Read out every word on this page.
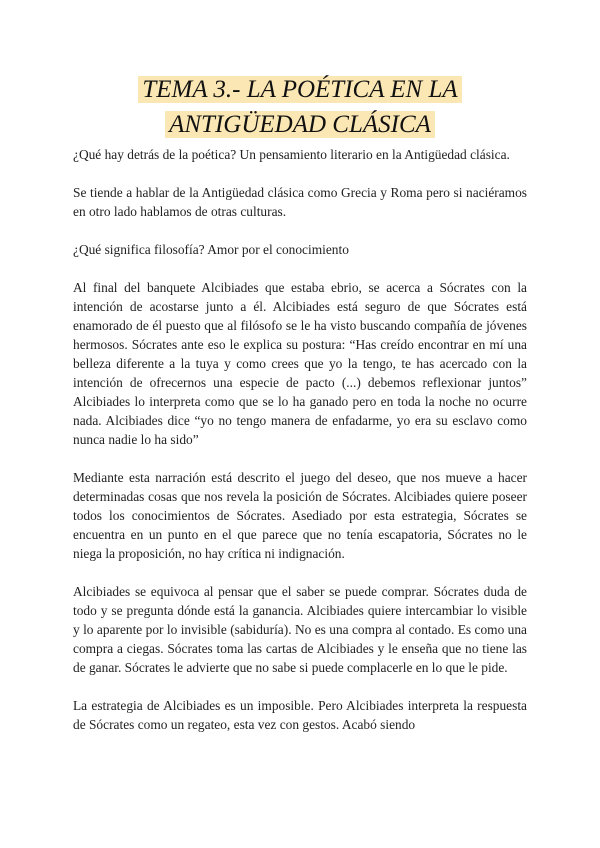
TEMA 3.- LA POÉTICA EN LA
ANTIGÜEDAD CLÁSICA

¿Qué hay detrás de la poética? Un pensamiento literario en la Antigüedad clásica.

Se tiende a hablar de la Antigüedad clásica como Grecia y Roma pero si naciéramos en otro lado hablamos de otras culturas.

¿Qué significa filosofía? Amor por el conocimiento

Al final del banquete Alcibiades que estaba ebrio, se acerca a Sócrates con la intención de acostarse junto a él. Alcibiades está seguro de que Sócrates está enamorado de él puesto que al filósofo se le ha visto buscando compañía de jóvenes hermosos. Sócrates ante eso le explica su postura: “Has creído encontrar en mí una belleza diferente a la tuya y como crees que yo la tengo, te has acercado con la intención de ofrecernos una especie de pacto (...) debemos reflexionar juntos” Alcibiades lo interpreta como que se lo ha ganado pero en toda la noche no ocurre nada. Alcibiades dice “yo no tengo manera de enfadarme, yo era su esclavo como nunca nadie lo ha sido”

Mediante esta narración está descrito el juego del deseo, que nos mueve a hacer determinadas cosas que nos revela la posición de Sócrates. Alcibiades quiere poseer todos los conocimientos de Sócrates. Asediado por esta estrategia, Sócrates se encuentra en un punto en el que parece que no tenía escapatoria, Sócrates no le niega la proposición, no hay crítica ni indignación.

Alcibiades se equivoca al pensar que el saber se puede comprar. Sócrates duda de todo y se pregunta dónde está la ganancia. Alcibiades quiere intercambiar lo visible y lo aparente por lo invisible (sabiduría). No es una compra al contado. Es como una compra a ciegas. Sócrates toma las cartas de Alcibiades y le enseña que no tiene las de ganar. Sócrates le advierte que no sabe si puede complacerle en lo que le pide.

La estrategia de Alcibiades es un imposible. Pero Alcibiades interpreta la respuesta de Sócrates como un regateo, esta vez con gestos. Acabó siendo
